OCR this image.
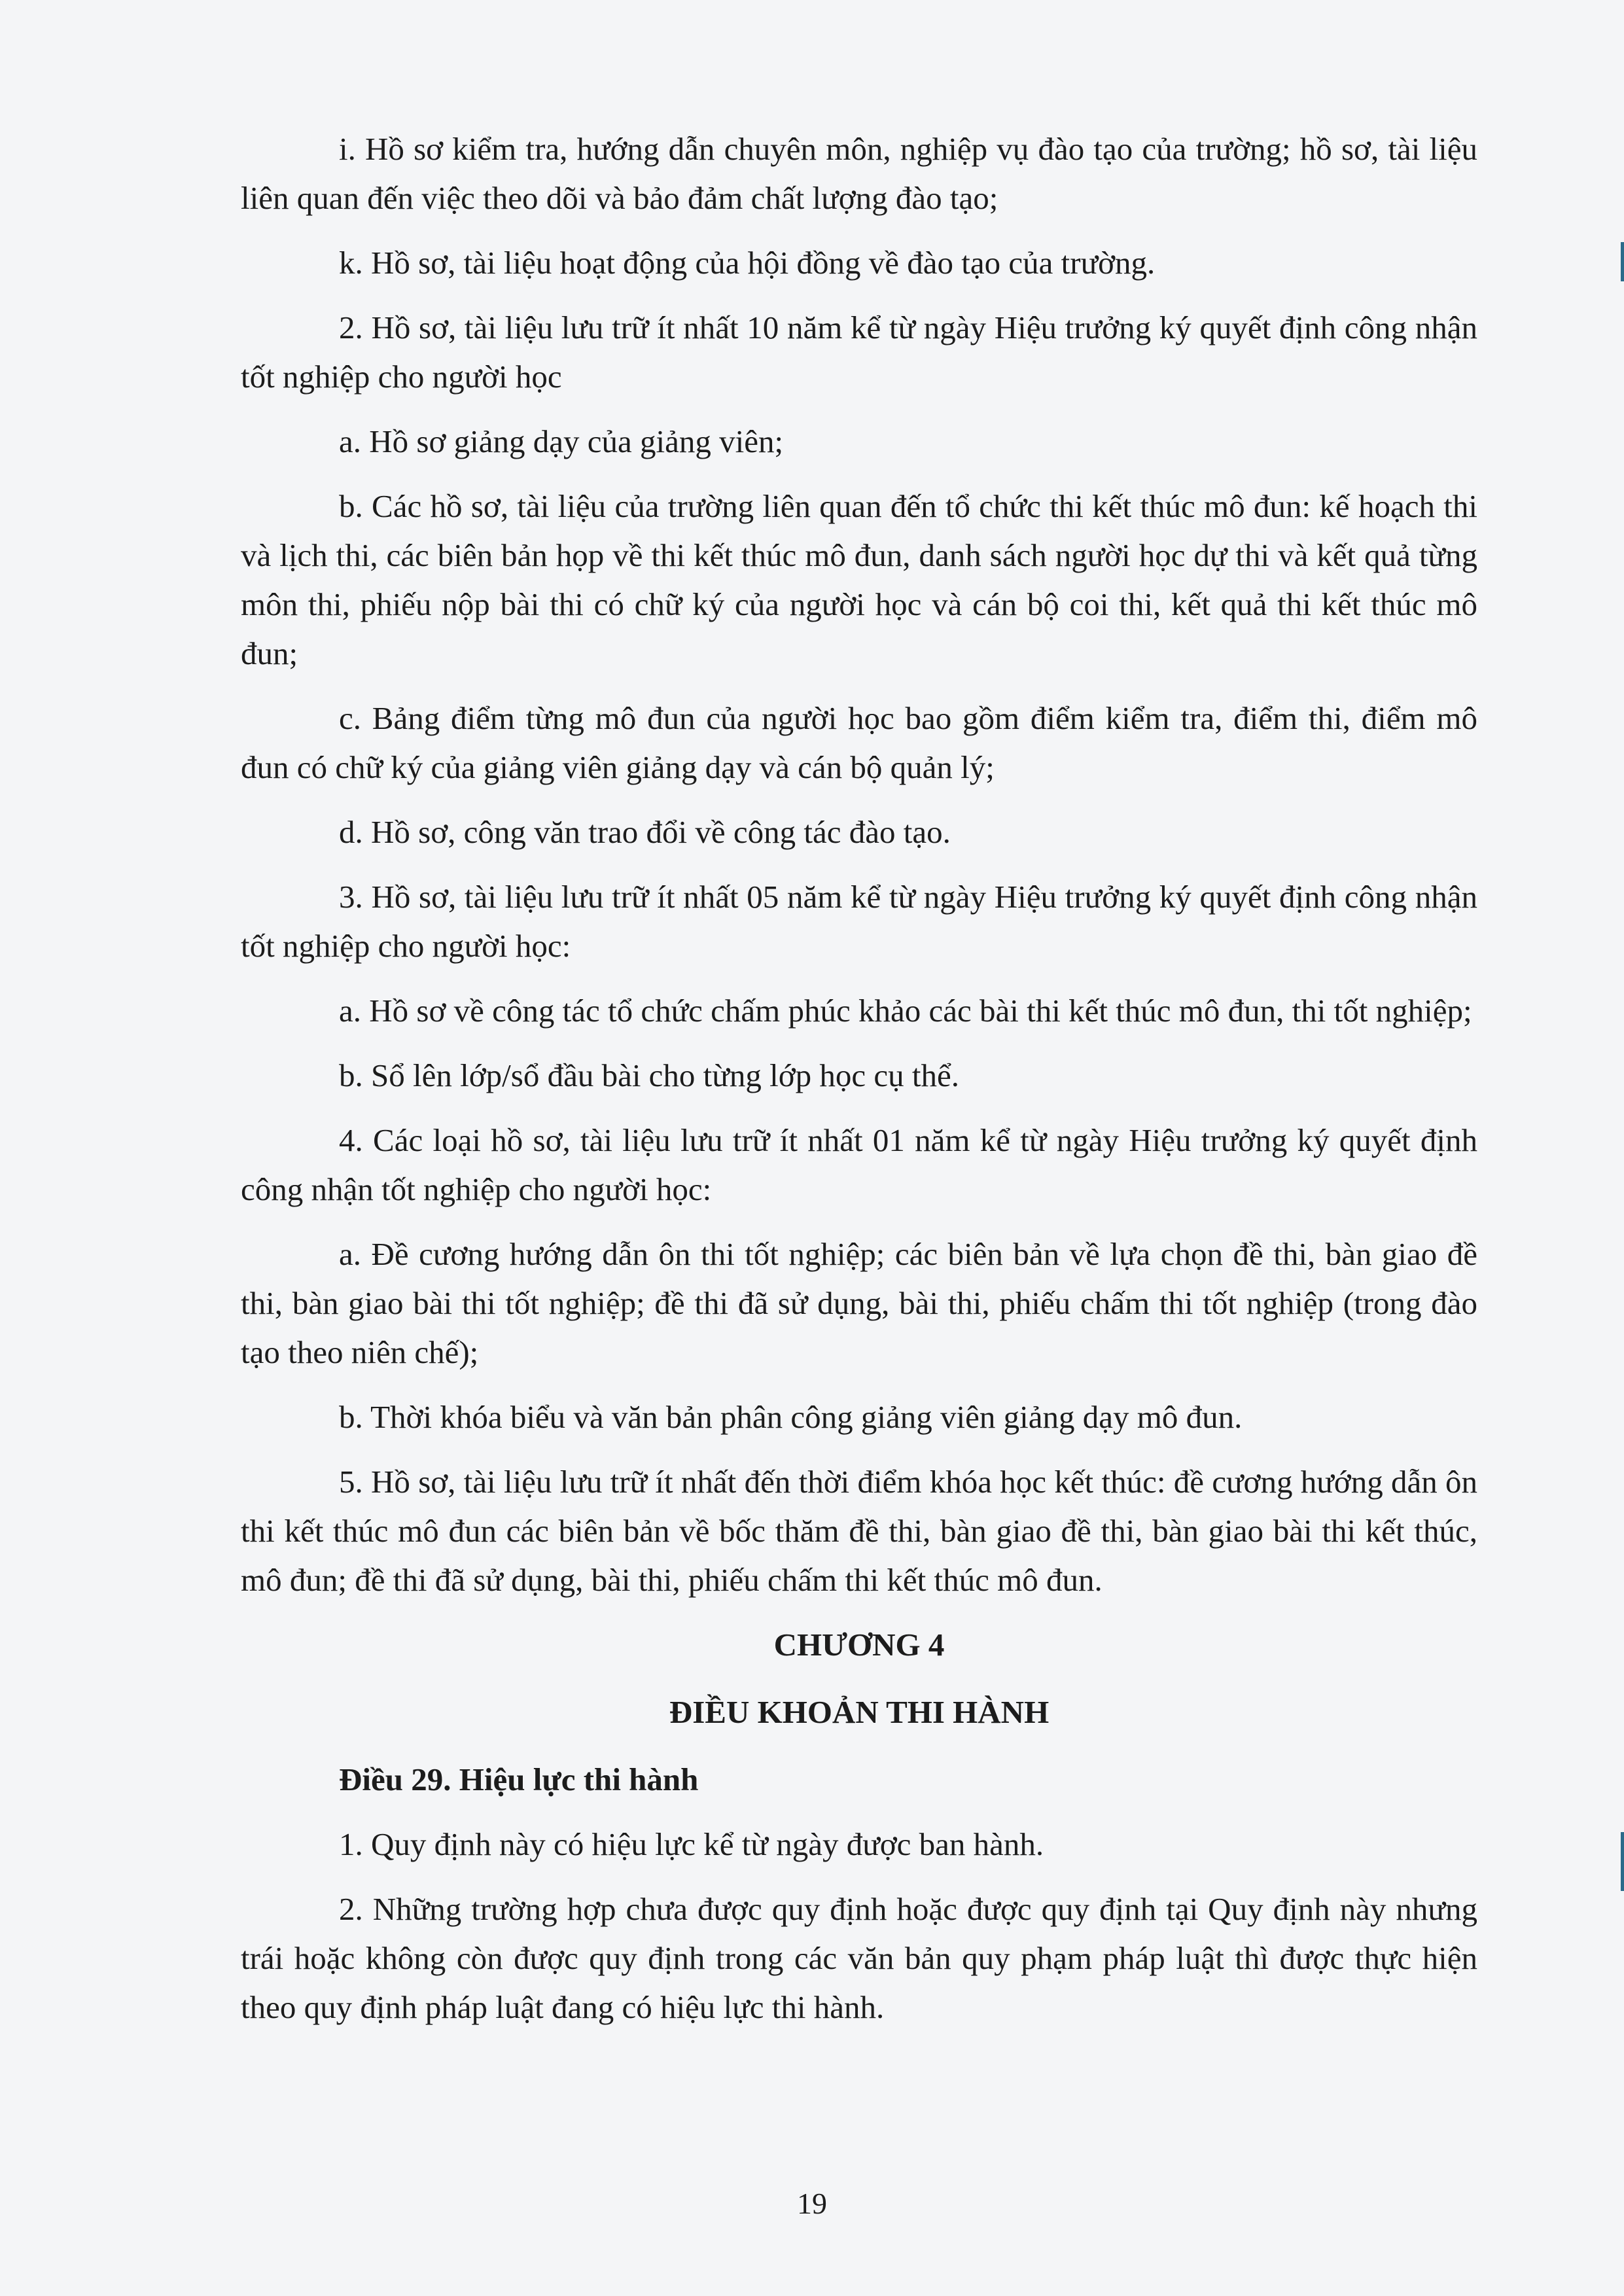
i. Hồ sơ kiểm tra, hướng dẫn chuyên môn, nghiệp vụ đào tạo của trường; hồ sơ, tài liệu liên quan đến việc theo dõi và bảo đảm chất lượng đào tạo;

k. Hồ sơ, tài liệu hoạt động của hội đồng về đào tạo của trường.

2. Hồ sơ, tài liệu lưu trữ ít nhất 10 năm kể từ ngày Hiệu trưởng ký quyết định công nhận tốt nghiệp cho người học

a. Hồ sơ giảng dạy của giảng viên;

b. Các hồ sơ, tài liệu của trường liên quan đến tổ chức thi kết thúc mô đun: kế hoạch thi và lịch thi, các biên bản họp về thi kết thúc mô đun, danh sách người học dự thi và kết quả từng môn thi, phiếu nộp bài thi có chữ ký của người học và cán bộ coi thi, kết quả thi kết thúc mô đun;

c. Bảng điểm từng mô đun của người học bao gồm điểm kiểm tra, điểm thi, điểm mô đun có chữ ký của giảng viên giảng dạy và cán bộ quản lý;

d. Hồ sơ, công văn trao đổi về công tác đào tạo.

3. Hồ sơ, tài liệu lưu trữ ít nhất 05 năm kể từ ngày Hiệu trưởng ký quyết định công nhận tốt nghiệp cho người học:

a. Hồ sơ về công tác tổ chức chấm phúc khảo các bài thi kết thúc mô đun, thi tốt nghiệp;

b. Sổ lên lớp/sổ đầu bài cho từng lớp học cụ thể.

4. Các loại hồ sơ, tài liệu lưu trữ ít nhất 01 năm kể từ ngày Hiệu trưởng ký quyết định công nhận tốt nghiệp cho người học:

a. Đề cương hướng dẫn ôn thi tốt nghiệp; các biên bản về lựa chọn đề thi, bàn giao đề thi, bàn giao bài thi tốt nghiệp; đề thi đã sử dụng, bài thi, phiếu chấm thi tốt nghiệp (trong đào tạo theo niên chế);

b. Thời khóa biểu và văn bản phân công giảng viên giảng dạy mô đun.

5. Hồ sơ, tài liệu lưu trữ ít nhất đến thời điểm khóa học kết thúc: đề cương hướng dẫn ôn thi kết thúc mô đun các biên bản về bốc thăm đề thi, bàn giao đề thi, bàn giao bài thi kết thúc, mô đun; đề thi đã sử dụng, bài thi, phiếu chấm thi kết thúc mô đun.

CHƯƠNG 4

ĐIỀU KHOẢN THI HÀNH

Điều 29. Hiệu lực thi hành

1. Quy định này có hiệu lực kể từ ngày được ban hành.

2. Những trường hợp chưa được quy định hoặc được quy định tại Quy định này nhưng trái hoặc không còn được quy định trong các văn bản quy phạm pháp luật thì được thực hiện theo quy định pháp luật đang có hiệu lực thi hành.

19
